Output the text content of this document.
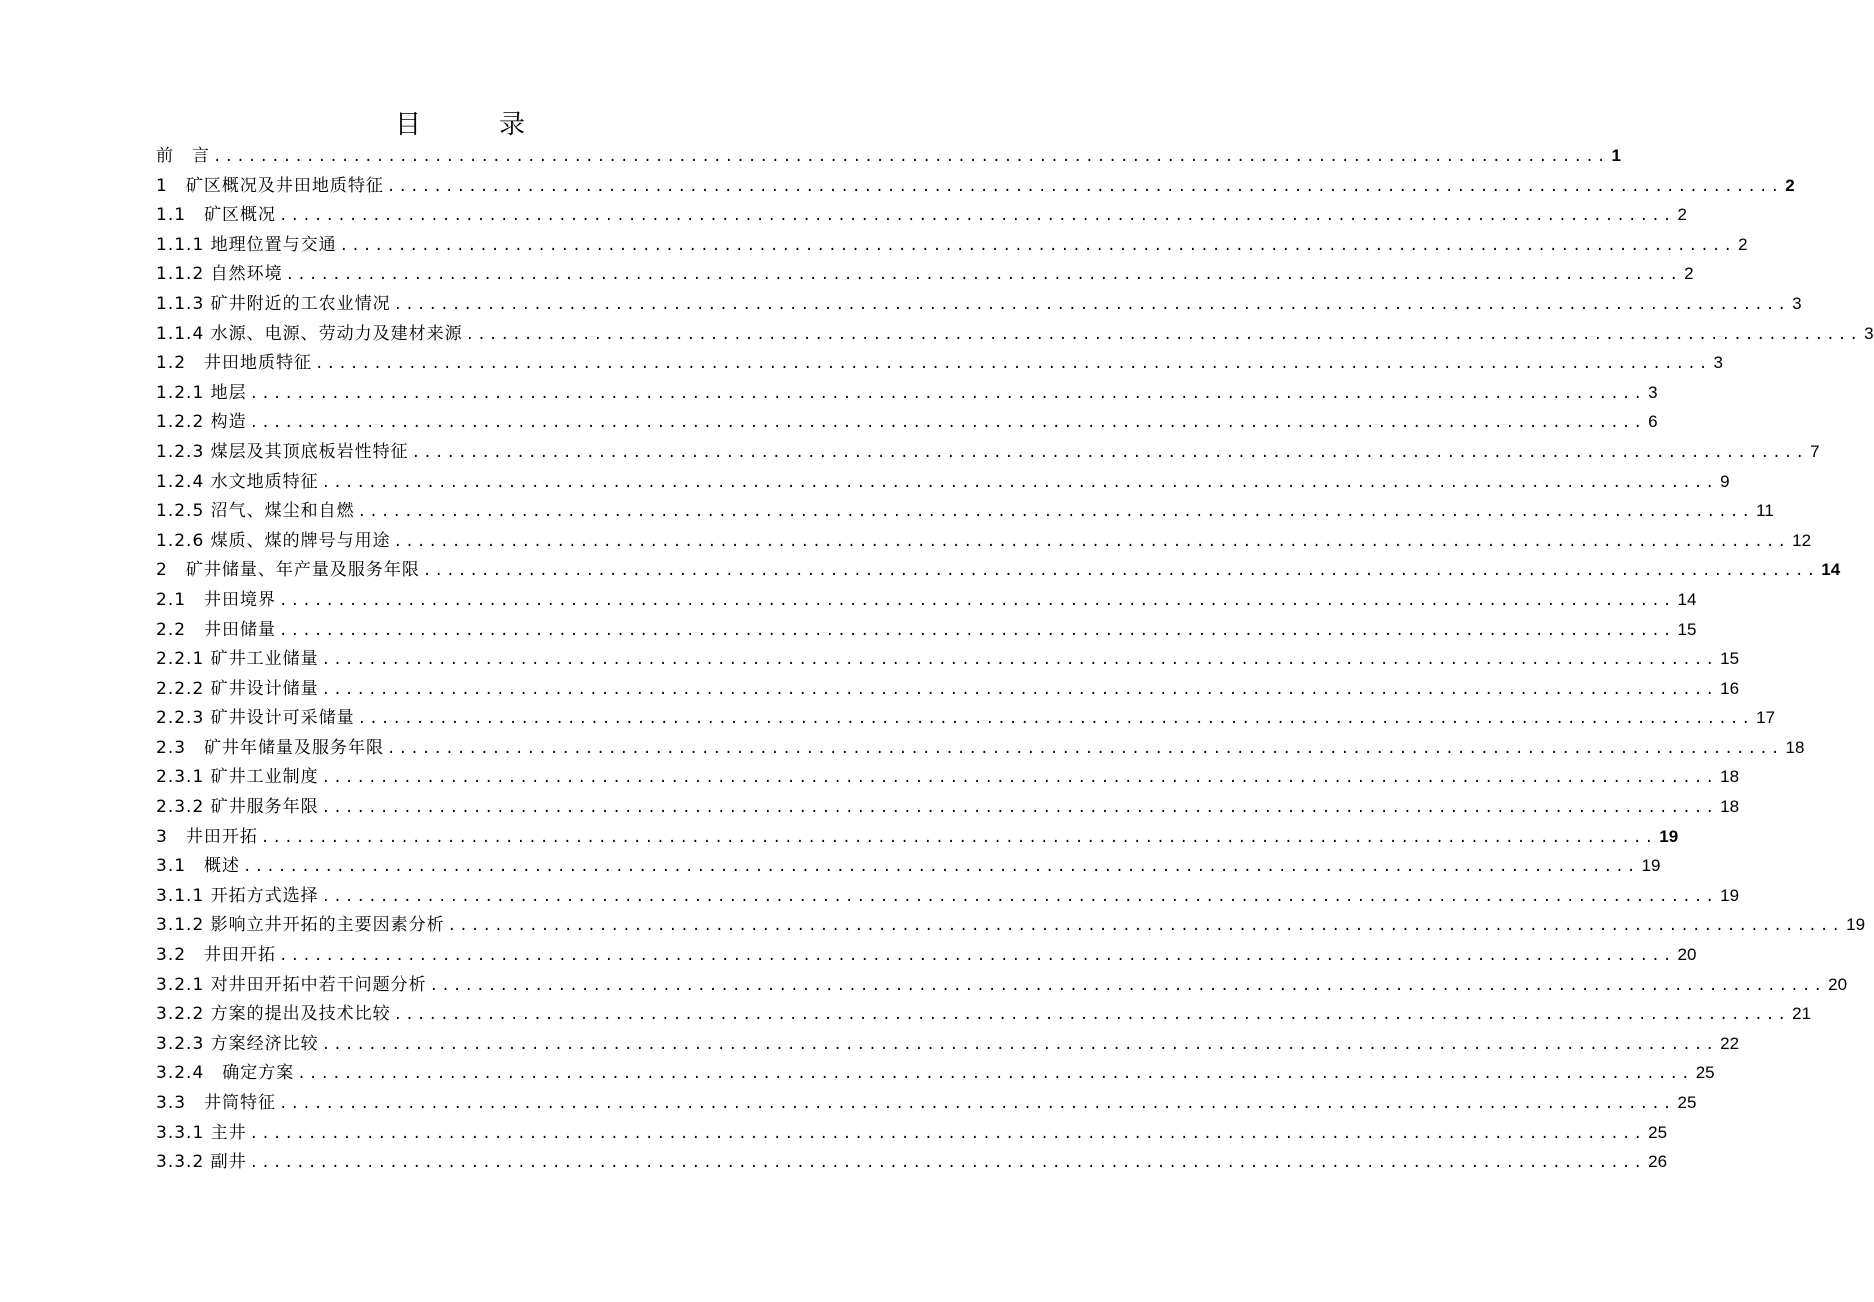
目　录
前　言 ........................................................................................................................ 1
1　矿区概况及井田地质特征 ........................................................................................................................ 2
1.1　矿区概况 ........................................................................................................................ 2
1.1.1 地理位置与交通 ........................................................................................................................ 2
1.1.2 自然环境 ........................................................................................................................ 2
1.1.3 矿井附近的工农业情况 ........................................................................................................................ 3
1.1.4 水源、电源、劳动力及建材来源 ........................................................................................................................ 3
1.2　井田地质特征 ........................................................................................................................ 3
1.2.1 地层 ........................................................................................................................ 3
1.2.2 构造 ........................................................................................................................ 6
1.2.3 煤层及其顶底板岩性特征 ........................................................................................................................ 7
1.2.4 水文地质特征 ........................................................................................................................ 9
1.2.5 沼气、煤尘和自燃 ........................................................................................................................ 11
1.2.6 煤质、煤的牌号与用途 ........................................................................................................................ 12
2　矿井储量、年产量及服务年限 ........................................................................................................................ 14
2.1　井田境界 ........................................................................................................................ 14
2.2　井田储量 ........................................................................................................................ 15
2.2.1 矿井工业储量 ........................................................................................................................ 15
2.2.2 矿井设计储量 ........................................................................................................................ 16
2.2.3 矿井设计可采储量 ........................................................................................................................ 17
2.3　矿井年储量及服务年限 ........................................................................................................................ 18
2.3.1 矿井工业制度 ........................................................................................................................ 18
2.3.2 矿井服务年限 ........................................................................................................................ 18
3　井田开拓 ........................................................................................................................ 19
3.1　概述 ........................................................................................................................ 19
3.1.1 开拓方式选择 ........................................................................................................................ 19
3.1.2 影响立井开拓的主要因素分析 ........................................................................................................................ 19
3.2　井田开拓 ........................................................................................................................ 20
3.2.1 对井田开拓中若干问题分析 ........................................................................................................................ 20
3.2.2 方案的提出及技术比较 ........................................................................................................................ 21
3.2.3 方案经济比较 ........................................................................................................................ 22
3.2.4　确定方案 ........................................................................................................................ 25
3.3　井筒特征 ........................................................................................................................ 25
3.3.1 主井 ........................................................................................................................ 25
3.3.2 副井 ........................................................................................................................ 26
